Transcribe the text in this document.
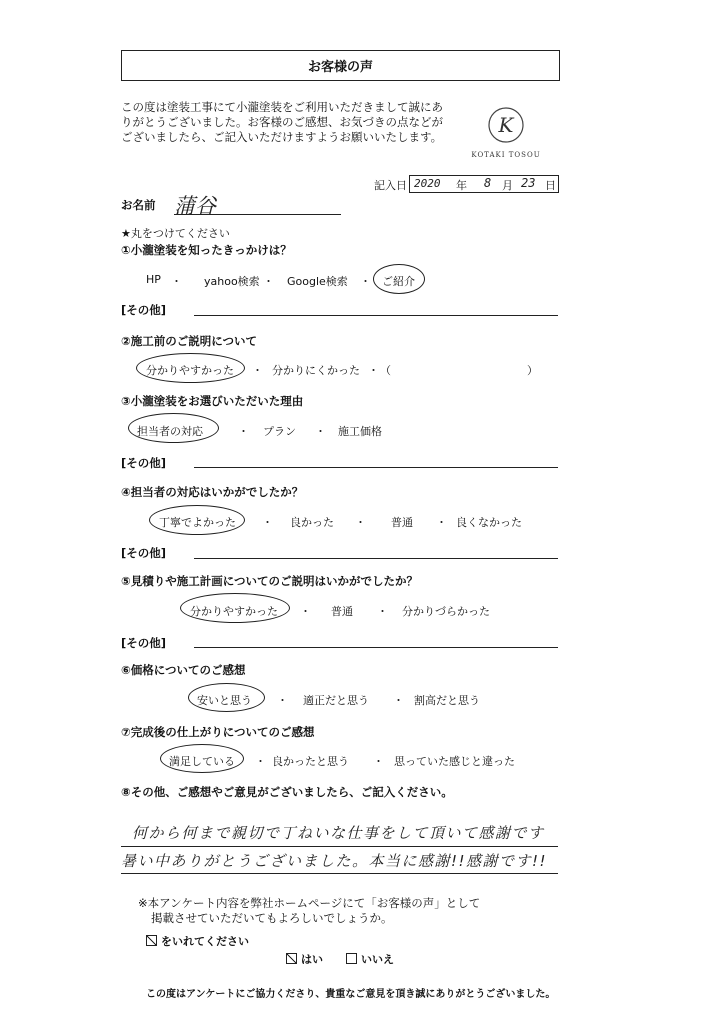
お客様の声
この度は塗装工事にて小瀧塗装をご利用いただきまして誠にありがとうございました。お客様のご感想、お気づきの点などがございましたら、ご記入いただけますようお願いいたします。	K
KOTAKI TOSOU
記入日 2020 年 8 月 23 日
お名前 蒲谷
★丸をつけてください
①小瀧塗装を知ったきっかけは？
HP ・ yahoo検索 ・ Google検索 ・ ご紹介
[その他]
②施工前のご説明について
分かりやすかった ・ 分かりにくかった ・ （	）
③小瀧塗装をお選びいただいた理由
担当者の対応	・ プラン ・ 施工価格
[その他]
④担当者の対応はいかがでしたか？
丁寧でよかった ・ 良かった ・ 普通 ・ 良くなかった
[その他]
⑤見積りや施工計画についてのご説明はいかがでしたか？
分かりやすかった ・ 普通 ・ 分かりづらかった
[その他]
⑥価格についてのご感想
安いと思う ・ 適正だと思う ・ 割高だと思う
⑦完成後の仕上がりについてのご感想
満足している ・ 良かったと思う ・ 思っていた感じと違った
⑧その他、ご感想やご意見がございましたら、ご記入ください。
何から何まで親切で丁ねいな仕事をして頂いて感謝です
暑い中ありがとうございました。本当に感謝!!感謝です!!
※本アンケート内容を弊社ホームページにて「お客様の声」として
掲載させていただいてもよろしいでしょうか。
をいれてください
はい	いいえ
この度はアンケートにご協力くださり、貴重なご意見を頂き誠にありがとうございました。
